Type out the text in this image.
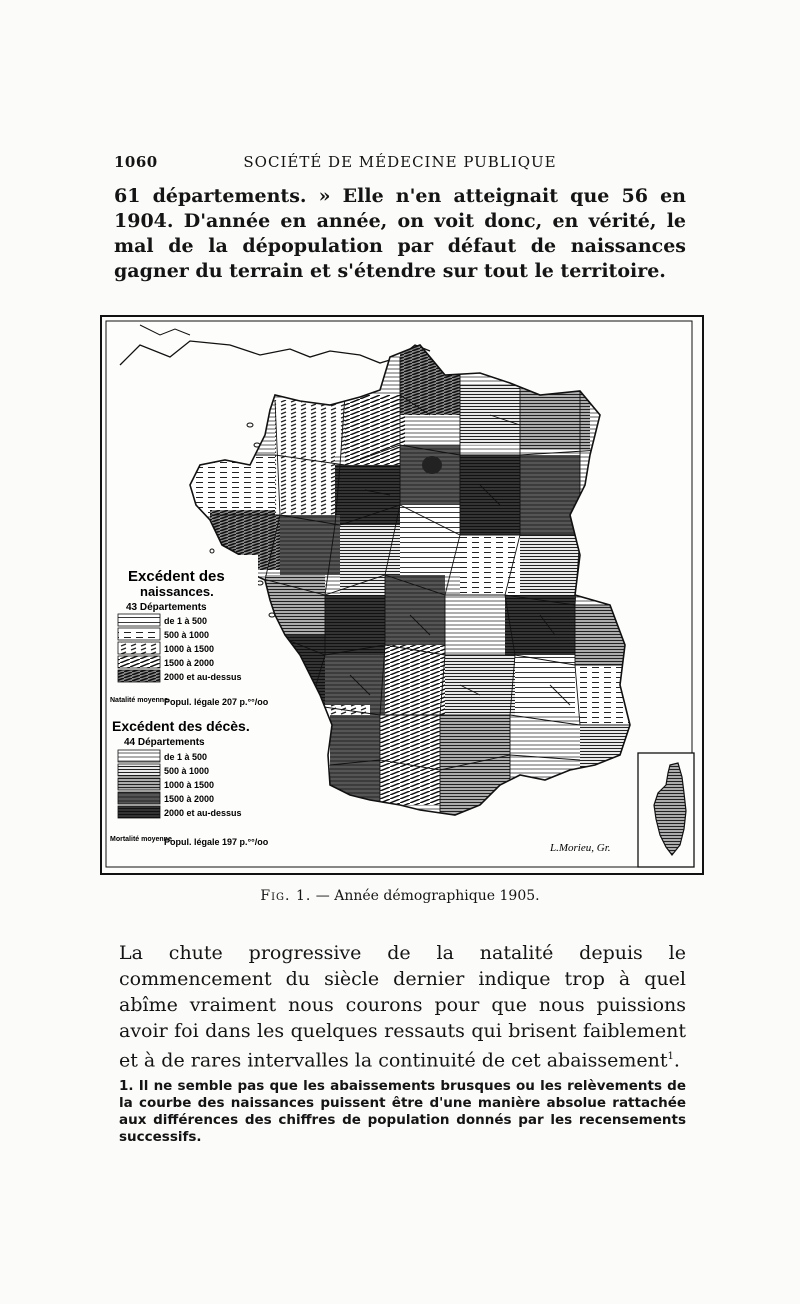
1060	SOCIÉTÉ DE MÉDECINE PUBLIQUE
61 départements. » Elle n'en atteignait que 56 en 1904. D'année en année, on voit donc, en vérité, le mal de la dépopulation par défaut de naissances gagner du terrain et s'étendre sur tout le territoire.
Excédent des
naissances.
43 Départements
de 1 à 500
500 à 1000
1000 à 1500
1500 à 2000
2000 et au-dessus
Natalité moyenne
Popul. légale 207 p.°°/oo
Excédent des décès.
44 Départements
de 1 à 500
500 à 1000
1000 à 1500
1500 à 2000
2000 et au-dessus
Mortalité moyenne
Popul. légale 197 p.°°/oo	L.Morieu, Gr.
Fig. 1. — Année démographique 1905.
La chute progressive de la natalité depuis le commencement du siècle dernier indique trop à quel abîme vraiment nous courons pour que nous puissions avoir foi dans les quelques ressauts qui brisent faiblement et à de rares intervalles la continuité de cet abaissement$^1$.
1. Il ne semble pas que les abaissements brusques ou les relèvements de la courbe des naissances puissent être d'une manière absolue rattachée aux différences des chiffres de population donnés par les recensements successifs.
